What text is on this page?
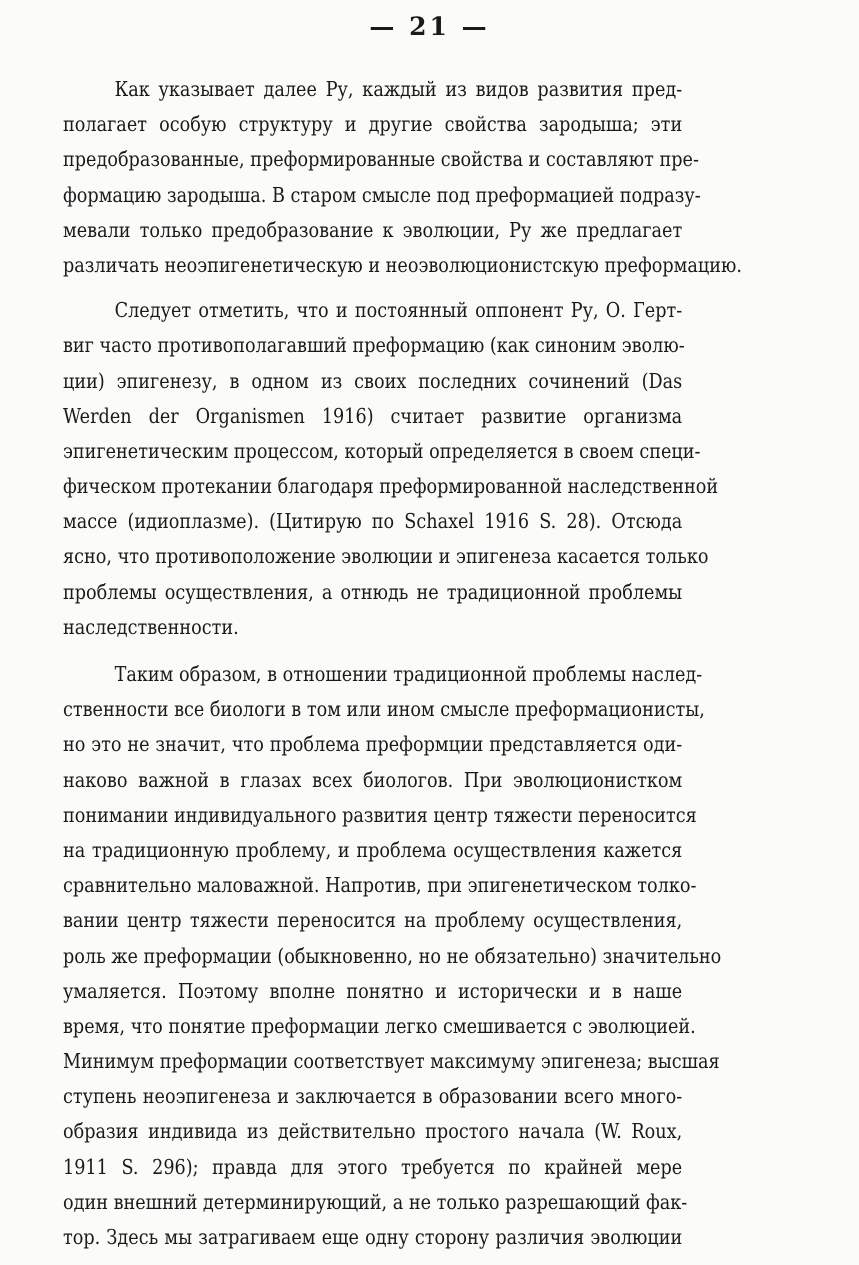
— 21 —
Как указывает далее Ру, каждый из видов развития пред-
полагает особую структуру и другие свойства зародыша; эти
предобразованные, преформированные свойства и составляют пре-
формацию зародыша. В старом смысле под преформацией подразу-
мевали только предобразование к эволюции, Ру же предлагает
различать неоэпигенетическую и неоэволюционистскую преформацию.
Следует отметить, что и постоянный оппонент Ру, О. Герт-
виг часто противополагавший преформацию (как синоним эволю-
ции) эпигенезу, в одном из своих последних сочинений (Das
Werden der Organismen 1916) считает развитие организма
эпигенетическим процессом, который определяется в своем специ-
фическом протекании благодаря преформированной наследственной
массе (идиоплазме). (Цитирую по Schaxel 1916 S. 28). Отсюда
ясно, что противоположение эволюции и эпигенеза касается только
проблемы осуществления, а отнюдь не традиционной проблемы
наследственности.
Таким образом, в отношении традиционной проблемы наслед-
ственности все биологи в том или ином смысле преформационисты,
но это не значит, что проблема преформции представляется оди-
наково важной в глазах всех биологов. При эволюционистком
понимании индивидуального развития центр тяжести переносится
на традиционную проблему, и проблема осуществления кажется
сравнительно маловажной. Напротив, при эпигенетическом толко-
вании центр тяжести переносится на проблему осуществления,
роль же преформации (обыкновенно, но не обязательно) значительно
умаляется. Поэтому вполне понятно и исторически и в наше
время, что понятие преформации легко смешивается с эволюцией.
Минимум преформации соответствует максимуму эпигенеза; высшая
ступень неоэпигенеза и заключается в образовании всего много-
образия индивида из действительно простого начала (W. Roux,
1911 S. 296); правда для этого требуется по крайней мере
один внешний детерминирующий, а не только разрешающий фак-
тор. Здесь мы затрагиваем еще одну сторону различия эволюции
